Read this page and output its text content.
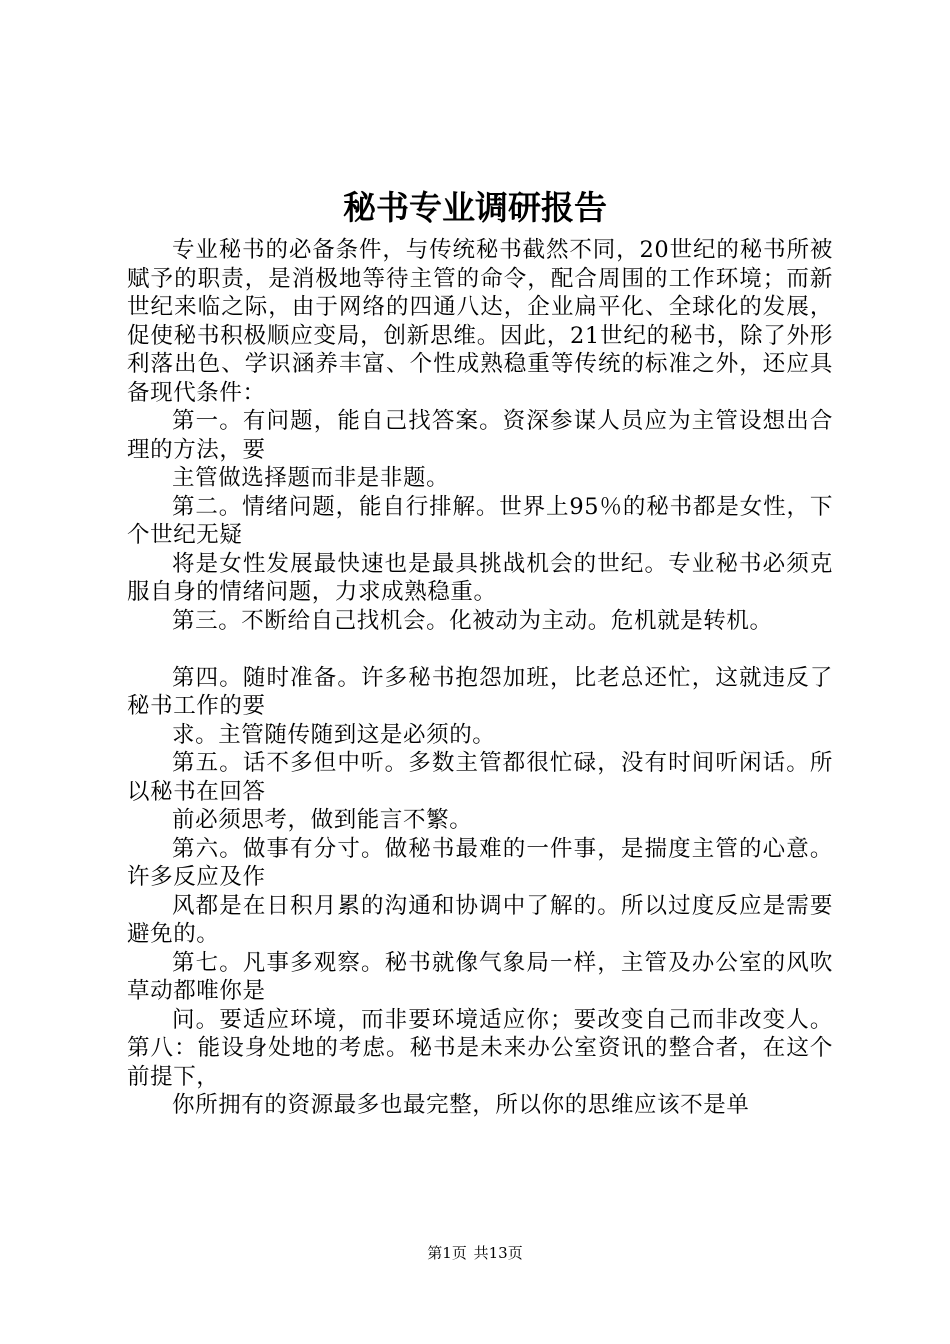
秘书专业调研报告

专业秘书的必备条件，与传统秘书截然不同，20世纪的秘书所被赋予的职责，是消极地等待主管的命令，配合周围的工作环境；而新世纪来临之际，由于网络的四通八达，企业扁平化、全球化的发展，促使秘书积极顺应变局，创新思维。因此，21世纪的秘书，除了外形利落出色、学识涵养丰富、个性成熟稳重等传统的标准之外，还应具备现代条件：

第一。有问题，能自己找答案。资深参谋人员应为主管设想出合理的方法，要

主管做选择题而非是非题。

第二。情绪问题，能自行排解。世界上95％的秘书都是女性，下个世纪无疑

将是女性发展最快速也是最具挑战机会的世纪。专业秘书必须克服自身的情绪问题，力求成熟稳重。

第三。不断给自己找机会。化被动为主动。危机就是转机。

第四。随时准备。许多秘书抱怨加班，比老总还忙，这就违反了秘书工作的要

求。主管随传随到这是必须的。

第五。话不多但中听。多数主管都很忙碌，没有时间听闲话。所以秘书在回答

前必须思考，做到能言不繁。

第六。做事有分寸。做秘书最难的一件事，是揣度主管的心意。许多反应及作

风都是在日积月累的沟通和协调中了解的。所以过度反应是需要避免的。

第七。凡事多观察。秘书就像气象局一样，主管及办公室的风吹草动都唯你是

问。要适应环境，而非要环境适应你；要改变自己而非改变人。第八：能设身处地的考虑。秘书是未来办公室资讯的整合者，在这个前提下，

你所拥有的资源最多也最完整，所以你的思维应该不是单

第1页 共13页
